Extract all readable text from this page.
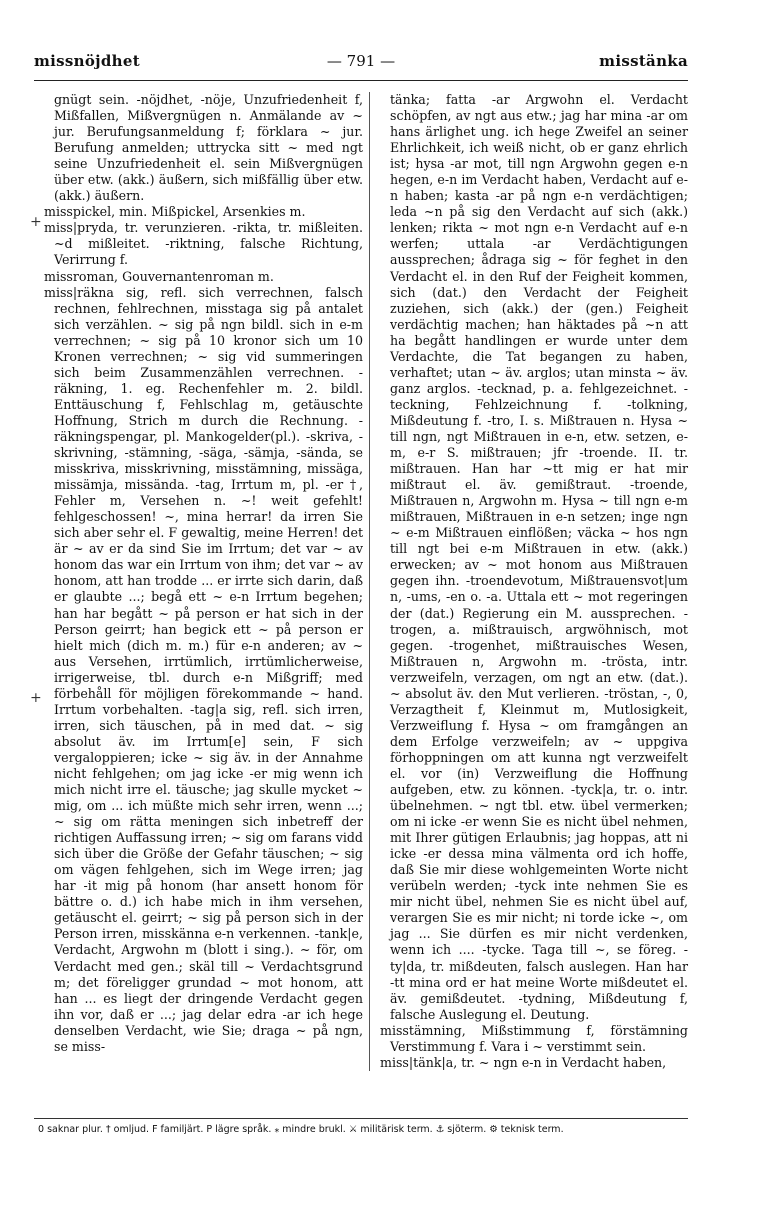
missnöjdhet	— 791 —	misstänka
+
+

gnügt sein. -nöjdhet, -nöje, Unzufriedenheit f, Mißfallen, Mißvergnügen n. Anmälande av ~ jur. Berufungsanmeldung f; förklara ~ jur. Berufung anmelden; uttrycka sitt ~ med ngt seine Unzufriedenheit el. sein Mißvergnügen über etw. (akk.) äußern, sich mißfällig über etw. (akk.) äußern.

misspickel, min. Mißpickel, Arsenkies m.

miss|pryda, tr. verunzieren. -rikta, tr. mißleiten. ~d mißleitet. -riktning, falsche Richtung, Verirrung f.

missroman, Gouvernantenroman m.

miss|räkna sig, refl. sich verrechnen, falsch rechnen, fehlrechnen, misstaga sig på antalet sich verzählen. ~ sig på ngn bildl. sich in e-m verrechnen; ~ sig på 10 kronor sich um 10 Kronen verrechnen; ~ sig vid summeringen sich beim Zusammenzählen verrechnen. -räkning, 1. eg. Rechenfehler m. 2. bildl. Enttäuschung f, Fehlschlag m, getäuschte Hoffnung, Strich m durch die Rechnung. -räkningspengar, pl. Mankogelder(pl.). -skriva, -skrivning, -stämning, -säga, -sämja, -sända, se misskriva, misskrivning, misstämning, missäga, missämja, missända. -tag, Irrtum m, pl. -er †, Fehler m, Versehen n. ~! weit gefehlt! fehlgeschossen! ~, mina herrar! da irren Sie sich aber sehr el. F gewaltig, meine Herren! det är ~ av er da sind Sie im Irrtum; det var ~ av honom das war ein Irrtum von ihm; det var ~ av honom, att han trodde ... er irrte sich darin, daß er glaubte ...; begå ett ~ e-n Irrtum begehen; han har begått ~ på person er hat sich in der Person geirrt; han begick ett ~ på person er hielt mich (dich m. m.) für e-n anderen; av ~ aus Versehen, irrtümlich, irrtümlicherweise, irrigerweise, tbl. durch e-n Mißgriff; med förbehåll för möjligen förekommande ~ hand. Irrtum vorbehalten. -tag|a sig, refl. sich irren, irren, sich täuschen, på in med dat. ~ sig absolut äv. im Irrtum[e] sein, F sich vergaloppieren; icke ~ sig äv. in der Annahme nicht fehlgehen; om jag icke -er mig wenn ich mich nicht irre el. täusche; jag skulle mycket ~ mig, om ... ich müßte mich sehr irren, wenn ...; ~ sig om rätta meningen sich inbetreff der richtigen Auffassung irren; ~ sig om farans vidd sich über die Größe der Gefahr täuschen; ~ sig om vägen fehlgehen, sich im Wege irren; jag har -it mig på honom (har ansett honom för bättre o. d.) ich habe mich in ihm versehen, getäuscht el. geirrt; ~ sig på person sich in der Person irren, misskänna e-n verkennen. -tank|e, Verdacht, Argwohn m (blott i sing.). ~ för, om Verdacht med gen.; skäl till ~ Verdachtsgrund m; det föreligger grundad ~ mot honom, att han ... es liegt der dringende Verdacht gegen ihn vor, daß er ...; jag delar edra -ar ich hege denselben Verdacht, wie Sie; draga ~ på ngn, se miss-

tänka; fatta -ar Argwohn el. Verdacht schöpfen, av ngt aus etw.; jag har mina -ar om hans ärlighet ung. ich hege Zweifel an seiner Ehrlichkeit, ich weiß nicht, ob er ganz ehrlich ist; hysa -ar mot, till ngn Argwohn gegen e-n hegen, e-n im Verdacht haben, Verdacht auf e-n haben; kasta -ar på ngn e-n verdächtigen; leda ~n på sig den Verdacht auf sich (akk.) lenken; rikta ~ mot ngn e-n Verdacht auf e-n werfen; uttala -ar Verdächtigungen aussprechen; ådraga sig ~ för feghet in den Verdacht el. in den Ruf der Feigheit kommen, sich (dat.) den Verdacht der Feigheit zuziehen, sich (akk.) der (gen.) Feigheit verdächtig machen; han häktades på ~n att ha begått handlingen er wurde unter dem Verdachte, die Tat begangen zu haben, verhaftet; utan ~ äv. arglos; utan minsta ~ äv. ganz arglos. -tecknad, p. a. fehlgezeichnet. -teckning, Fehlzeichnung f. -tolkning, Mißdeutung f. -tro, I. s. Mißtrauen n. Hysa ~ till ngn, ngt Mißtrauen in e-n, etw. setzen, e-m, e-r S. mißtrauen; jfr -troende. II. tr. mißtrauen. Han har ~tt mig er hat mir mißtraut el. äv. gemißtraut. -troende, Mißtrauen n, Argwohn m. Hysa ~ till ngn e-m mißtrauen, Mißtrauen in e-n setzen; inge ngn ~ e-m Mißtrauen einflößen; väcka ~ hos ngn till ngt bei e-m Mißtrauen in etw. (akk.) erwecken; av ~ mot honom aus Mißtrauen gegen ihn. -troendevotum, Mißtrauensvot|um n, -ums, -en o. -a. Uttala ett ~ mot regeringen der (dat.) Regierung ein M. aussprechen. -trogen, a. mißtrauisch, argwöhnisch, mot gegen. -trogenhet, mißtrauisches Wesen, Mißtrauen n, Argwohn m. -trösta, intr. verzweifeln, verzagen, om ngt an etw. (dat.). ~ absolut äv. den Mut verlieren. -tröstan, -, 0, Verzagtheit f, Kleinmut m, Mutlosigkeit, Verzweiflung f. Hysa ~ om framgången an dem Erfolge verzweifeln; av ~ uppgiva förhoppningen om att kunna ngt verzweifelt el. vor (in) Verzweiflung die Hoffnung aufgeben, etw. zu können. -tyck|a, tr. o. intr. übelnehmen. ~ ngt tbl. etw. übel vermerken; om ni icke -er wenn Sie es nicht übel nehmen, mit Ihrer gütigen Erlaubnis; jag hoppas, att ni icke -er dessa mina välmenta ord ich hoffe, daß Sie mir diese wohlgemeinten Worte nicht verübeln werden; -tyck inte nehmen Sie es mir nicht übel, nehmen Sie es nicht übel auf, verargen Sie es mir nicht; ni torde icke ~, om jag ... Sie dürfen es mir nicht verdenken, wenn ich .... -tycke. Taga till ~, se föreg. -ty|da, tr. mißdeuten, falsch auslegen. Han har -tt mina ord er hat meine Worte mißdeutet el. äv. gemißdeutet. -tydning, Mißdeutung f, falsche Auslegung el. Deutung.

misstämning, Mißstimmung f, förstämning Verstimmung f. Vara i ~ verstimmt sein.

miss|tänk|a, tr. ~ ngn e-n in Verdacht haben,

0 saknar plur. † omljud. F familjärt. P lägre språk. ⁎ mindre brukl. ⚔ militärisk term. ⚓ sjöterm. ⚙ teknisk term.
